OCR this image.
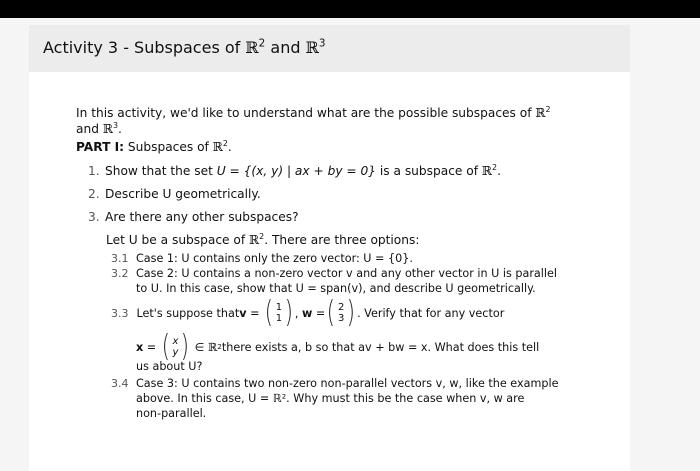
Activity 3 - Subspaces of ℝ$^2$ and ℝ$^3$
In this activity, we'd like to understand what are the possible subspaces of ℝ$^2$
and ℝ$^3$.
PART I: Subspaces of ℝ$^2$.
1. Show that the set U = {(x, y) | ax + by = 0} is a subspace of ℝ$^2$.
2. Describe U geometrically.
3. Are there any other subspaces?
Let U be a subspace of ℝ$^2$. There are three options:
3.1 Case 1: U contains only the zero vector: U = {0}.
3.2 Case 2: U contains a non-zero vector v and any other vector in U is parallel
to U. In this case, show that U = span(v), and describe U geometrically.
3.3 Let's suppose that v = ( 1
1 ) , w = ( 2
3 ) . Verify that for any vector
x = ( x
y ) ∈ ℝ 2 there exists a, b so that av + bw = x. What does this tell
us about U?
3.4 Case 3: U contains two non-zero non-parallel vectors v, w, like the example
above. In this case, U = ℝ². Why must this be the case when v, w are
non-parallel.
